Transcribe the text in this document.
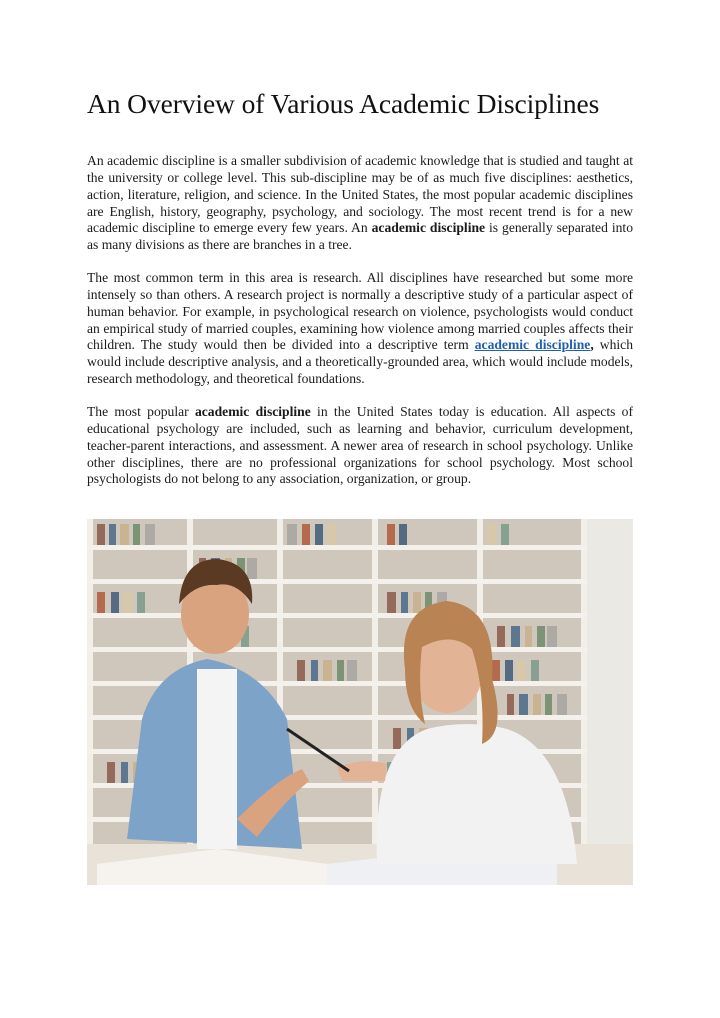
An Overview of Various Academic Disciplines

An academic discipline is a smaller subdivision of academic knowledge that is studied and taught at the university or college level. This sub-discipline may be of as much five disciplines: aesthetics, action, literature, religion, and science. In the United States, the most popular academic disciplines are English, history, geography, psychology, and sociology. The most recent trend is for a new academic discipline to emerge every few years. An academic discipline is generally separated into as many divisions as there are branches in a tree.

The most common term in this area is research. All disciplines have researched but some more intensely so than others. A research project is normally a descriptive study of a particular aspect of human behavior. For example, in psychological research on violence, psychologists would conduct an empirical study of married couples, examining how violence among married couples affects their children. The study would then be divided into a descriptive term academic discipline, which would include descriptive analysis, and a theoretically-grounded area, which would include models, research methodology, and theoretical foundations.

The most popular academic discipline in the United States today is education. All aspects of educational psychology are included, such as learning and behavior, curriculum development, teacher-parent interactions, and assessment. A newer area of research in school psychology. Unlike other disciplines, there are no professional organizations for school psychology. Most school psychologists do not belong to any association, organization, or group.
